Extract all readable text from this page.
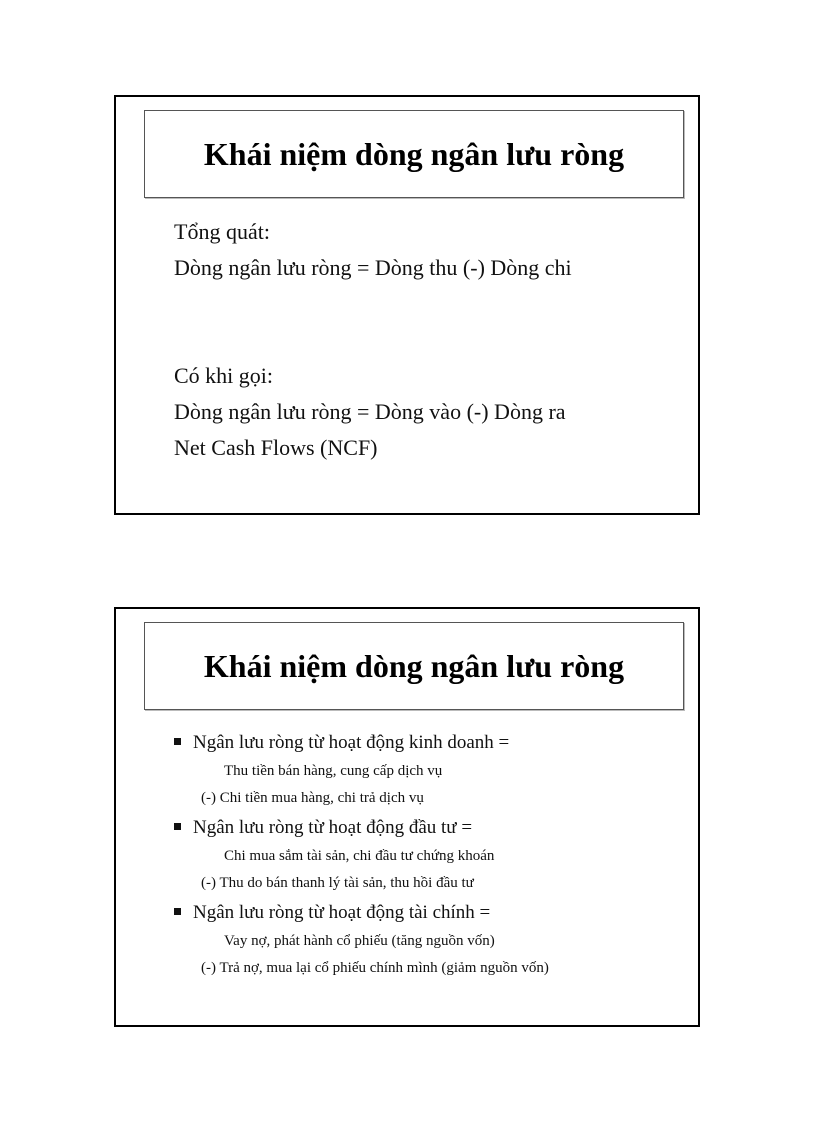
Khái niệm dòng ngân lưu ròng
Tổng quát:
Dòng ngân lưu ròng = Dòng thu (-) Dòng chi
Có khi gọi:
Dòng ngân lưu ròng = Dòng vào (-) Dòng ra
Net Cash Flows (NCF)
Khái niệm dòng ngân lưu ròng
Ngân lưu ròng từ hoạt động kinh doanh =
Thu tiền bán hàng, cung cấp dịch vụ
(-) Chi tiền mua hàng, chi trả dịch vụ
Ngân lưu ròng từ hoạt động đầu tư =
Chi mua sắm tài sản, chi đầu tư chứng khoán
(-) Thu do bán thanh lý tài sản, thu hồi đầu tư
Ngân lưu ròng từ hoạt động tài chính =
Vay nợ, phát hành cổ phiếu (tăng nguồn vốn)
(-) Trả nợ, mua lại cổ phiếu chính mình (giảm nguồn vốn)
